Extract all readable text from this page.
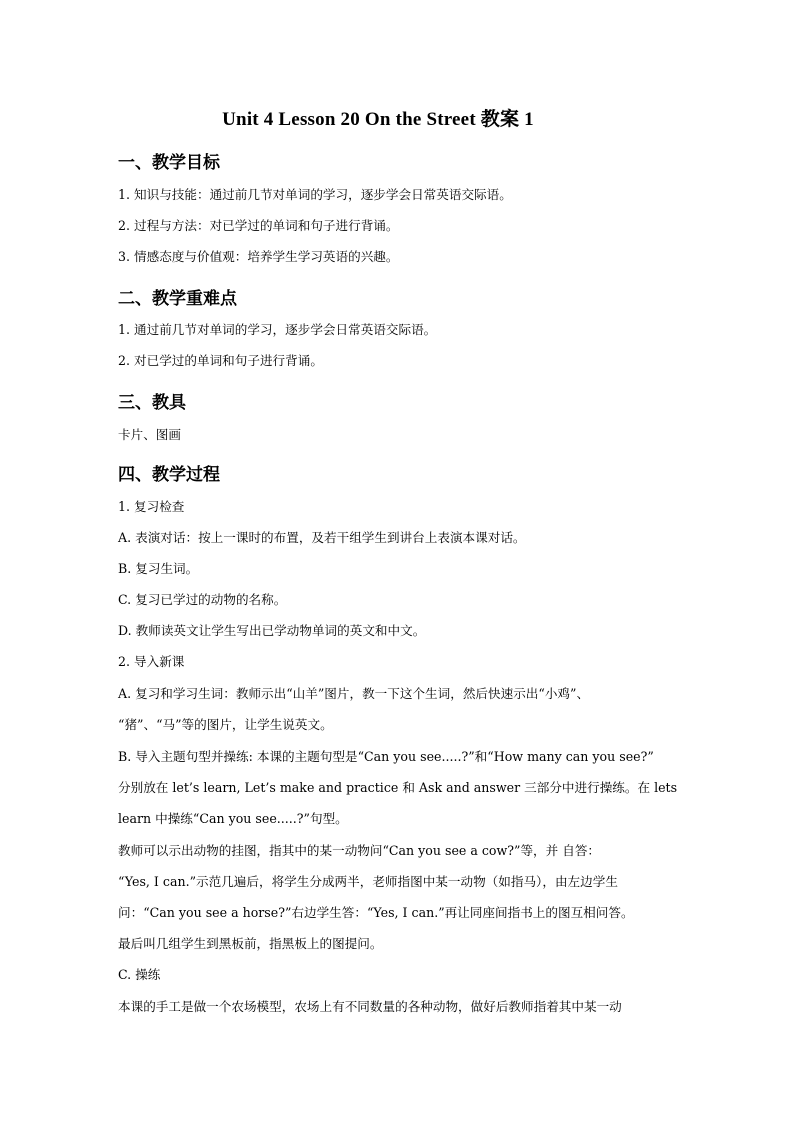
Unit 4 Lesson 20 On the Street 教案 1
一、教学目标
1. 知识与技能：通过前几节对单词的学习，逐步学会日常英语交际语。
2. 过程与方法：对已学过的单词和句子进行背诵。
3. 情感态度与价值观：培养学生学习英语的兴趣。
二、教学重难点
1. 通过前几节对单词的学习，逐步学会日常英语交际语。
2. 对已学过的单词和句子进行背诵。
三、教具
卡片、图画
四、教学过程
1. 复习检查
A. 表演对话：按上一课时的布置，及若干组学生到讲台上表演本课对话。
B. 复习生词。
C. 复习已学过的动物的名称。
D. 教师读英文让学生写出已学动物单词的英文和中文。
2. 导入新课
A. 复习和学习生词：教师示出“山羊”图片，教一下这个生词，然后快速示出“小鸡”、
“猪”、“马”等的图片，让学生说英文。
B. 导入主题句型并操练: 本课的主题句型是“Can you see.....?”和“How many can you see?”
分别放在 let’s learn, Let’s make and practice 和 Ask and answer 三部分中进行操练。在 lets
learn 中操练“Can you see.....?”句型。
教师可以示出动物的挂图，指其中的某一动物问“Can you see a cow?”等，并 自答：
“Yes, I can.”示范几遍后，将学生分成两半，老师指图中某一动物（如指马），由左边学生
问：“Can you see a horse?”右边学生答：“Yes, I can.”再让同座间指书上的图互相问答。
最后叫几组学生到黑板前，指黑板上的图提问。
C. 操练
本课的手工是做一个农场模型，农场上有不同数量的各种动物，做好后教师指着其中某一动
